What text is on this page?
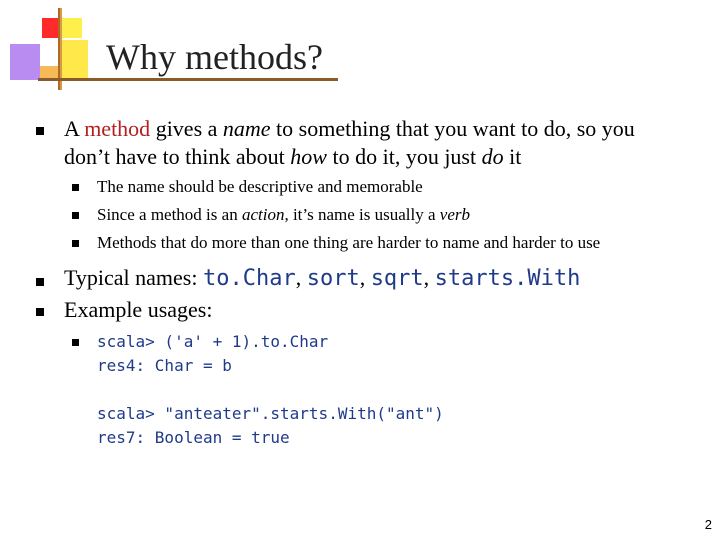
Why methods?
A method gives a name to something that you want to do, so you
don’t have to think about how to do it, you just do it
The name should be descriptive and memorable
Since a method is an action, it’s name is usually a verb
Methods that do more than one thing are harder to name and harder to use
Typical names: to.Char, sort, sqrt, starts.With
Example usages:
scala> ('a' + 1).to.Char
res4: Char = b
scala> "anteater".starts.With("ant")
res7: Boolean = true
2
